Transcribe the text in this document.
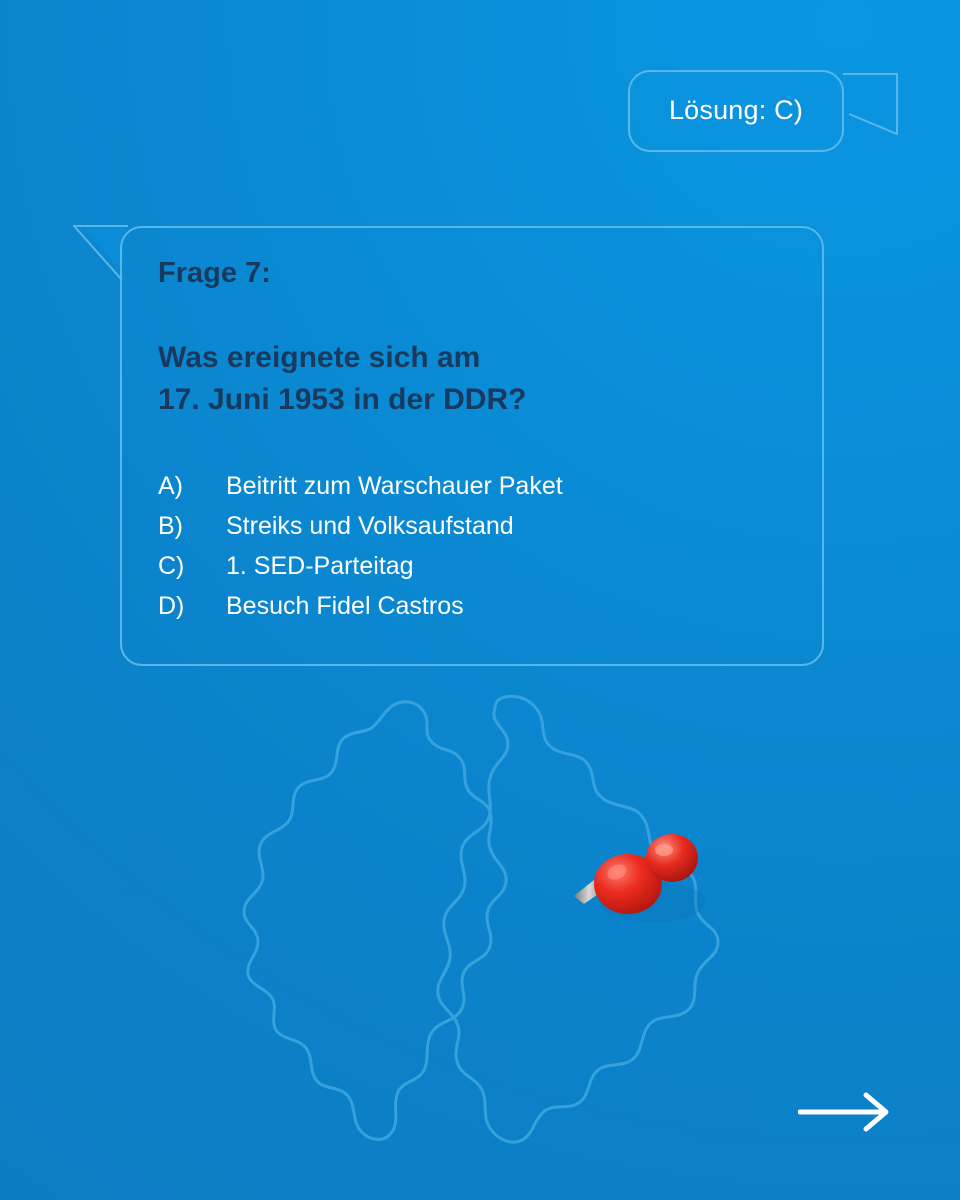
Lösung: C)

Frage 7:

Was ereignete sich am
17. Juni 1953 in der DDR?

A)	Beitritt zum Warschauer Paket
B)	Streiks und Volksaufstand
C)	1. SED-Parteitag
D)	Besuch Fidel Castros
